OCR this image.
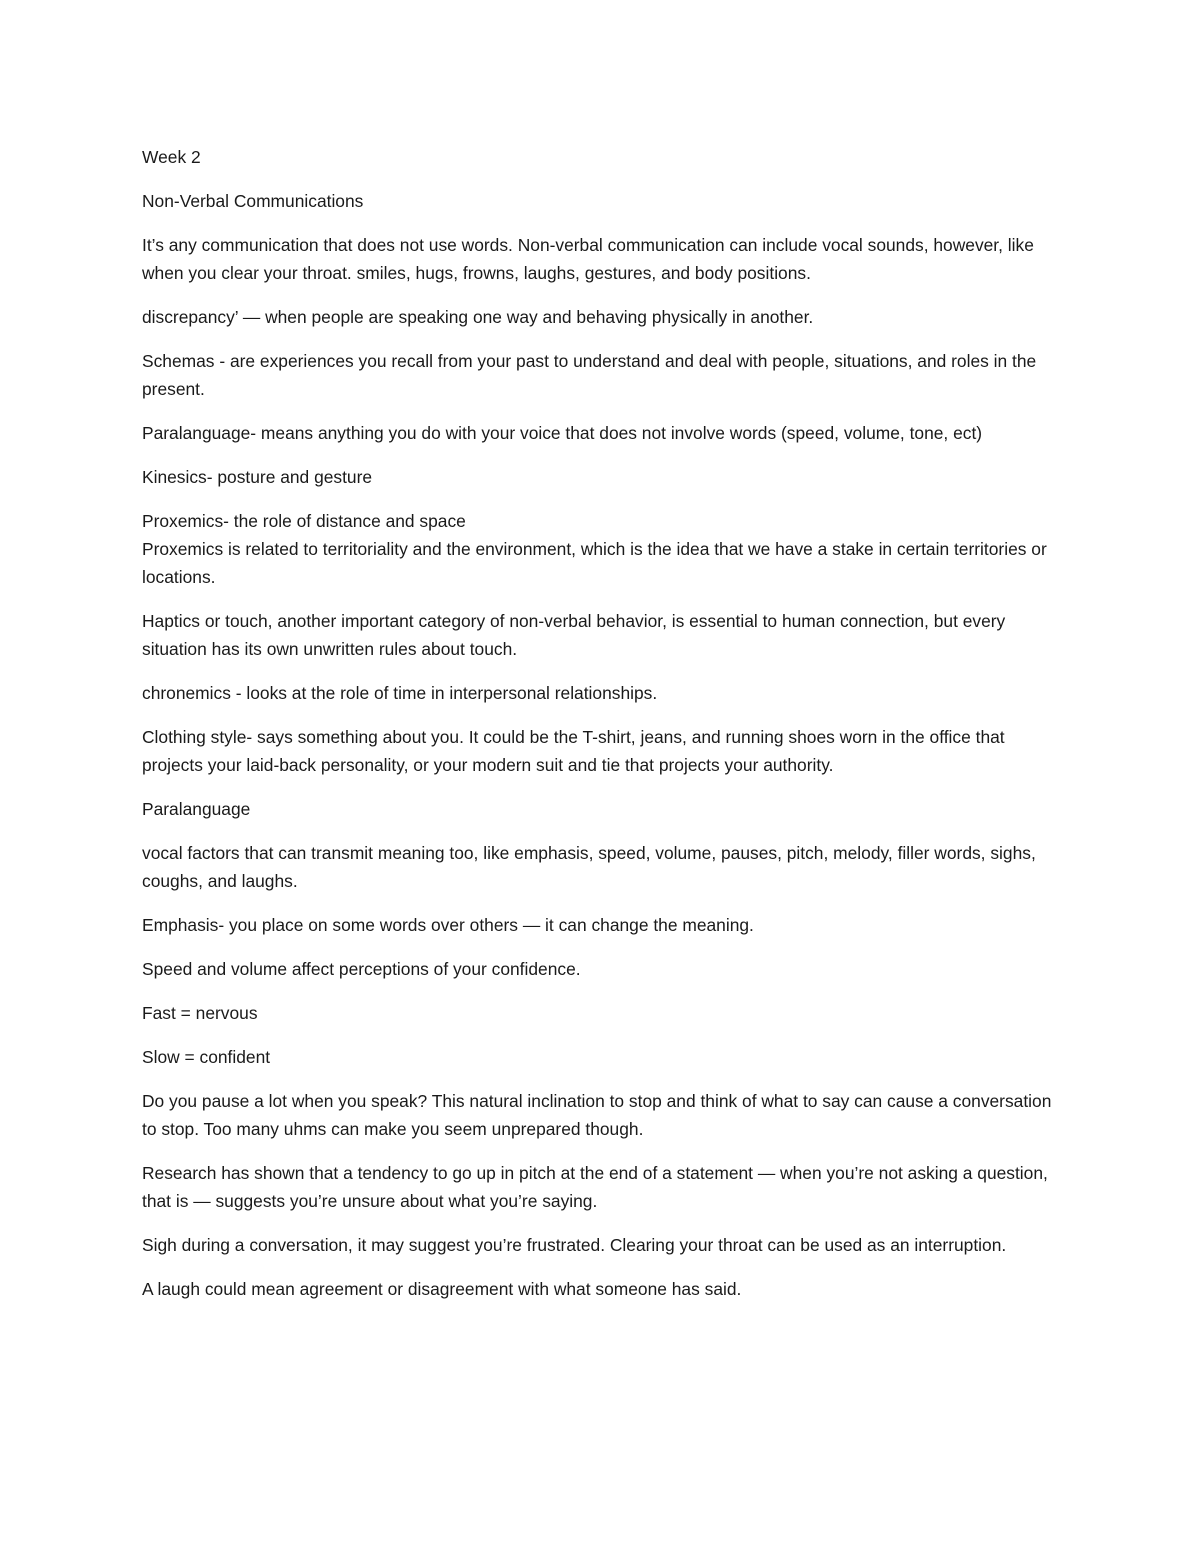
Week 2

Non-Verbal Communications

It’s any communication that does not use words. Non-verbal communication can include vocal sounds, however, like when you clear your throat. smiles, hugs, frowns, laughs, gestures, and body positions.

discrepancy’ — when people are speaking one way and behaving physically in another.

Schemas - are experiences you recall from your past to understand and deal with people, situations, and roles in the present.

Paralanguage- means anything you do with your voice that does not involve words (speed, volume, tone, ect)

Kinesics- posture and gesture

Proxemics- the role of distance and space

Proxemics is related to territoriality and the environment, which is the idea that we have a stake in certain territories or locations.

Haptics or touch, another important category of non-verbal behavior, is essential to human connection, but every situation has its own unwritten rules about touch.

chronemics - looks at the role of time in interpersonal relationships.

Clothing style- says something about you. It could be the T-shirt, jeans, and running shoes worn in the office that projects your laid-back personality, or your modern suit and tie that projects your authority.

Paralanguage

vocal factors that can transmit meaning too, like emphasis, speed, volume, pauses, pitch, melody, filler words, sighs, coughs, and laughs.

Emphasis- you place on some words over others — it can change the meaning.

Speed and volume affect perceptions of your confidence.

Fast = nervous

Slow = confident

Do you pause a lot when you speak? This natural inclination to stop and think of what to say can cause a conversation to stop. Too many uhms can make you seem unprepared though.

Research has shown that a tendency to go up in pitch at the end of a statement — when you’re not asking a question, that is — suggests you’re unsure about what you’re saying.

Sigh during a conversation, it may suggest you’re frustrated. Clearing your throat can be used as an interruption.

A laugh could mean agreement or disagreement with what someone has said.
